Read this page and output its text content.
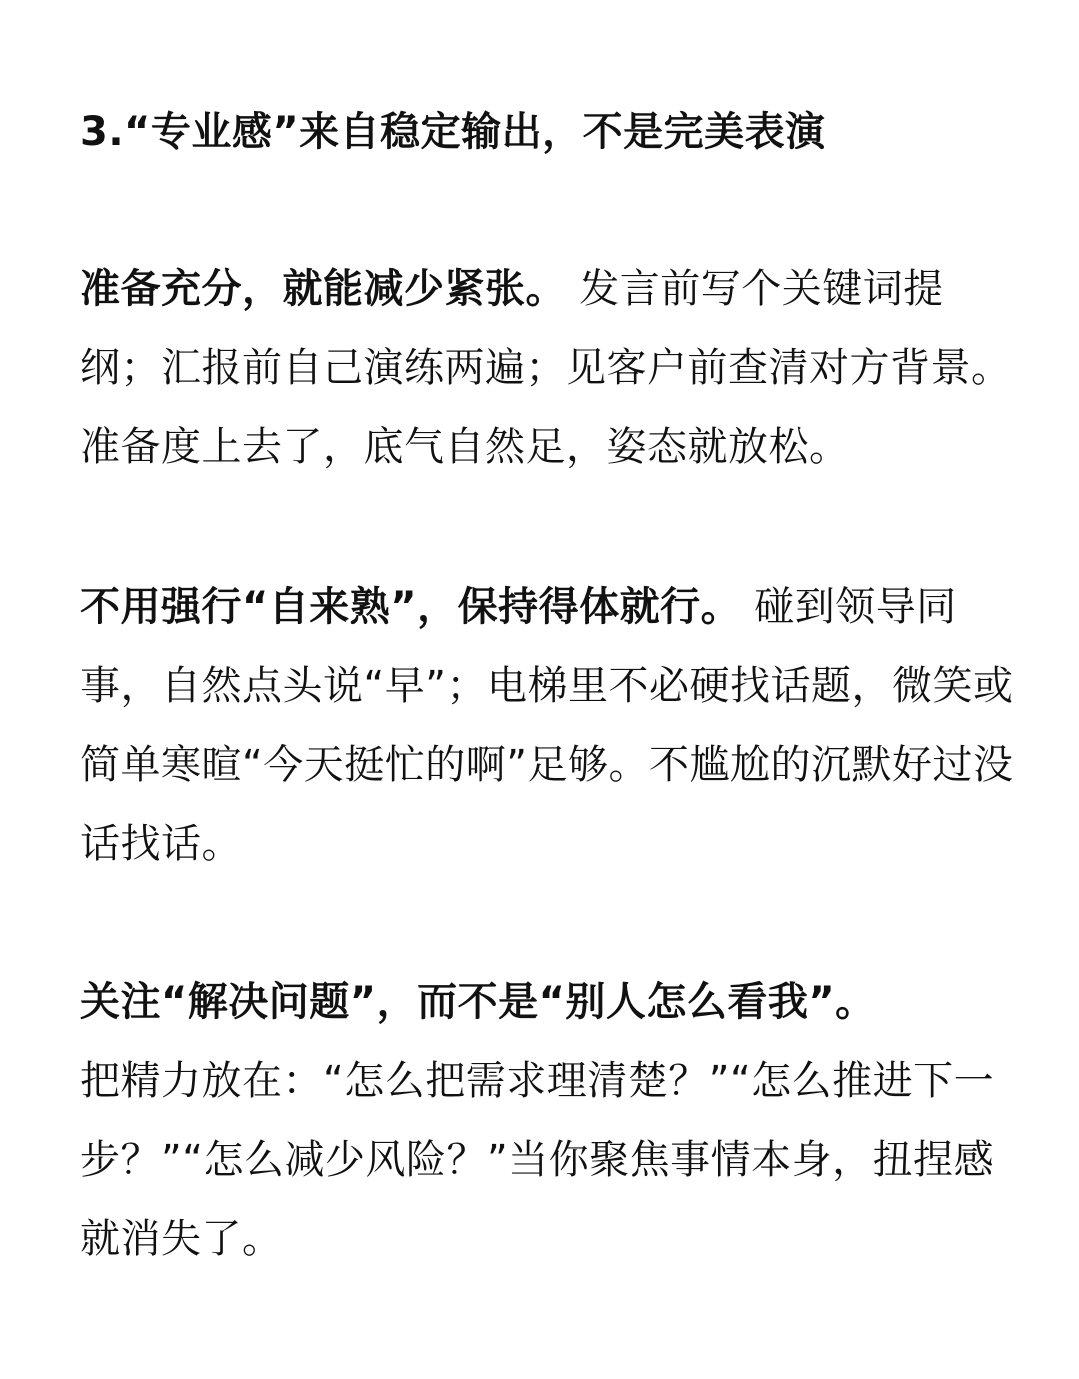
3.“专业感”来自稳定输出，不是完美表演

准备充分，就能减少紧张。 发言前写个关键词提纲；汇报前自己演练两遍；见客户前查清对方背景。准备度上去了，底气自然足，姿态就放松。

不用强行“自来熟”，保持得体就行。 碰到领导同事，自然点头说“早”；电梯里不必硬找话题，微笑或简单寒暄“今天挺忙的啊”足够。不尴尬的沉默好过没话找话。

关注“解决问题”，而不是“别人怎么看我”。
把精力放在：“怎么把需求理清楚？”“怎么推进下一步？”“怎么减少风险？”当你聚焦事情本身，扭捏感就消失了。
